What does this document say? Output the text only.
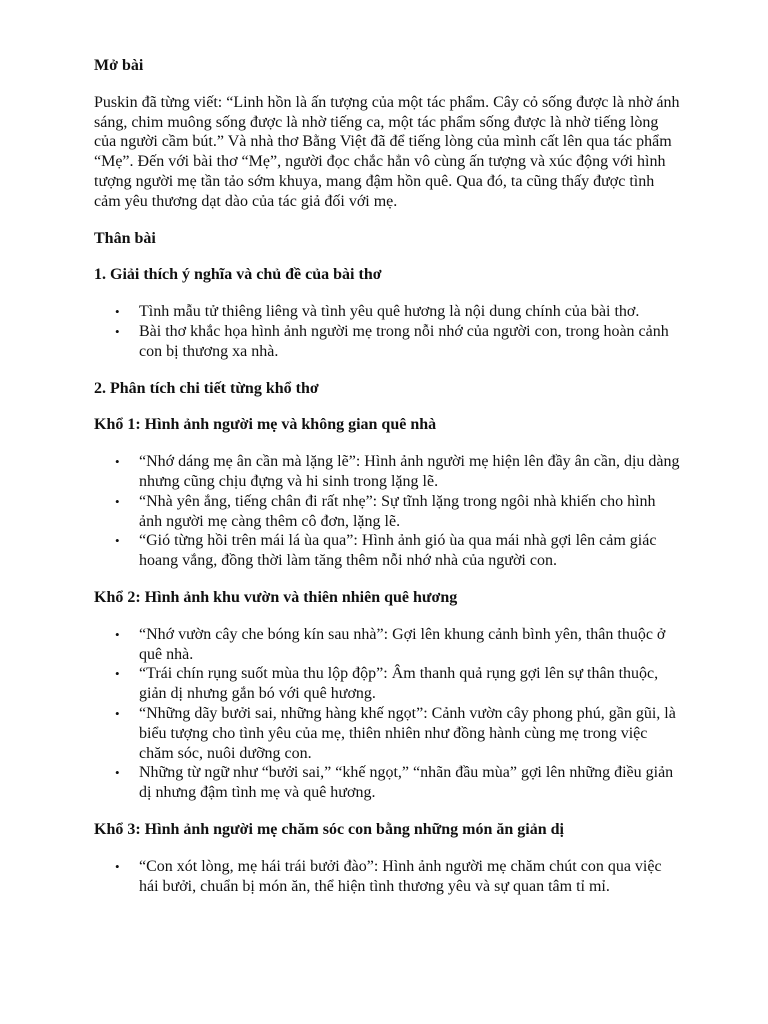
Mở bài

Puskin đã từng viết: “Linh hồn là ấn tượng của một tác phẩm. Cây cỏ sống được là nhờ ánh sáng, chim muông sống được là nhờ tiếng ca, một tác phẩm sống được là nhờ tiếng lòng của người cầm bút.” Và nhà thơ Bằng Việt đã để tiếng lòng của mình cất lên qua tác phẩm “Mẹ”. Đến với bài thơ “Mẹ”, người đọc chắc hẳn vô cùng ấn tượng và xúc động với hình tượng người mẹ tần tảo sớm khuya, mang đậm hồn quê. Qua đó, ta cũng thấy được tình cảm yêu thương dạt dào của tác giả đối với mẹ.

Thân bài
1. Giải thích ý nghĩa và chủ đề của bài thơ
• Tình mẫu tử thiêng liêng và tình yêu quê hương là nội dung chính của bài thơ.
• Bài thơ khắc họa hình ảnh người mẹ trong nỗi nhớ của người con, trong hoàn cảnh con bị thương xa nhà.
2. Phân tích chi tiết từng khổ thơ
Khổ 1: Hình ảnh người mẹ và không gian quê nhà
• “Nhớ dáng mẹ ân cần mà lặng lẽ”: Hình ảnh người mẹ hiện lên đầy ân cần, dịu dàng nhưng cũng chịu đựng và hi sinh trong lặng lẽ.
• “Nhà yên ắng, tiếng chân đi rất nhẹ”: Sự tĩnh lặng trong ngôi nhà khiến cho hình ảnh người mẹ càng thêm cô đơn, lặng lẽ.
• “Gió từng hồi trên mái lá ùa qua”: Hình ảnh gió ùa qua mái nhà gợi lên cảm giác hoang vắng, đồng thời làm tăng thêm nỗi nhớ nhà của người con.
Khổ 2: Hình ảnh khu vườn và thiên nhiên quê hương
• “Nhớ vườn cây che bóng kín sau nhà”: Gợi lên khung cảnh bình yên, thân thuộc ở quê nhà.
• “Trái chín rụng suốt mùa thu lộp độp”: Âm thanh quả rụng gợi lên sự thân thuộc, giản dị nhưng gắn bó với quê hương.
• “Những dãy bưởi sai, những hàng khế ngọt”: Cảnh vườn cây phong phú, gần gũi, là biểu tượng cho tình yêu của mẹ, thiên nhiên như đồng hành cùng mẹ trong việc chăm sóc, nuôi dưỡng con.
• Những từ ngữ như “bưởi sai,” “khế ngọt,” “nhãn đầu mùa” gợi lên những điều giản dị nhưng đậm tình mẹ và quê hương.
Khổ 3: Hình ảnh người mẹ chăm sóc con bằng những món ăn giản dị
• “Con xót lòng, mẹ hái trái bưởi đào”: Hình ảnh người mẹ chăm chút con qua việc hái bưởi, chuẩn bị món ăn, thể hiện tình thương yêu và sự quan tâm tỉ mỉ.
